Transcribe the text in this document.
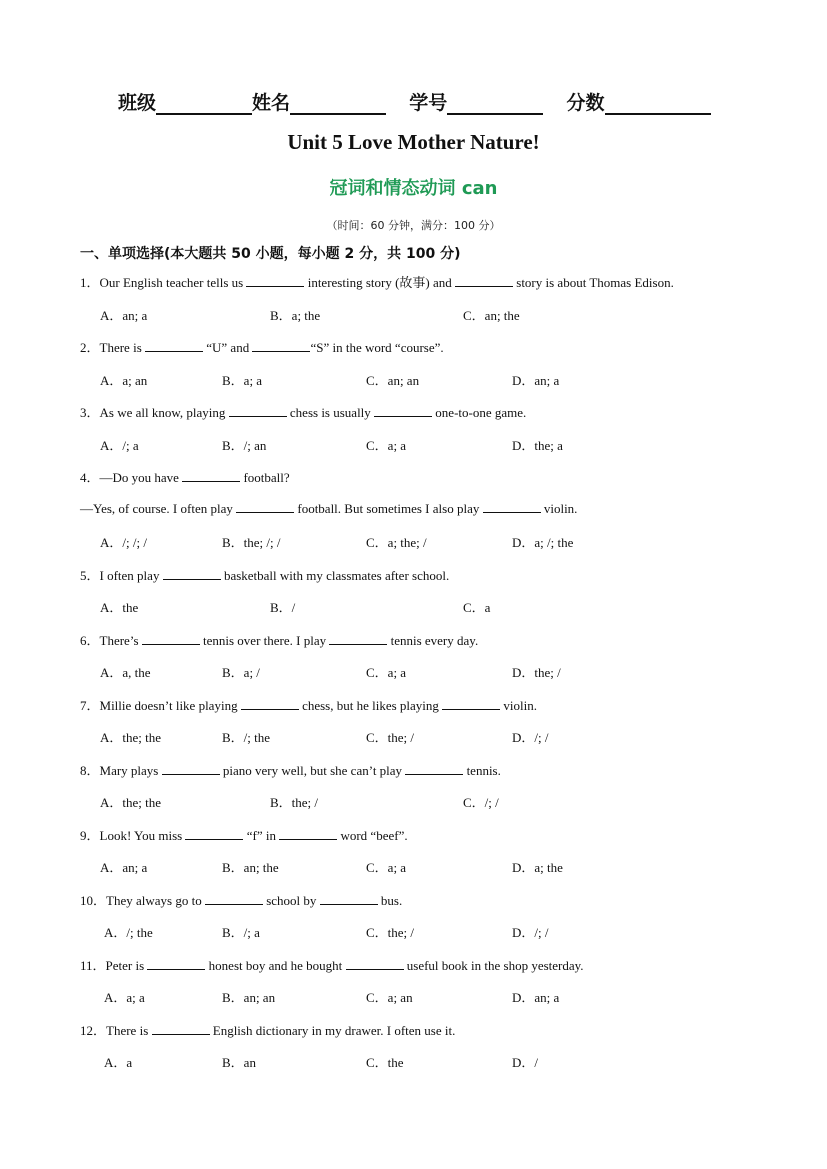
班级	姓名	学号	分数
Unit 5 Love Mother Nature!
冠词和情态动词 can
（时间：60 分钟，满分：100 分）
一、单项选择(本大题共 50 小题，每小题 2 分，共 100 分)
1．Our English teacher tells us	interesting story (故事) and	story is about Thomas Edison.
A．an; a	B．a; the	C．an; the
2．There is	“U” and	“S” in the word “course”.
A．a; an	B．a; a	C．an; an	D．an; a
3．As we all know, playing	chess is usually	one-to-one game.
A．/; a	B．/; an	C．a; a	D．the; a
4．—Do you have	football?
—Yes, of course. I often play	football. But sometimes I also play	violin.
A．/; /; /	B．the; /; /	C．a; the; /	D．a; /; the
5．I often play	basketball with my classmates after school.
A．the	B．/	C．a
6．There’s	tennis over there. I play	tennis every day.
A．a, the	B．a; /	C．a; a	D．the; /
7．Millie doesn’t like playing	chess, but he likes playing	violin.
A．the; the	B．/; the	C．the; /	D．/; /
8．Mary plays	piano very well, but she can’t play	tennis.
A．the; the	B．the; /	C．/; /
9．Look! You miss	“f” in	word “beef”.
A．an; a	B．an; the	C．a; a	D．a; the
10．They always go to	school by	bus.
A．/; the	B．/; a	C．the; /	D．/; /
11．Peter is	honest boy and he bought	useful book in the shop yesterday.
A．a; a	B．an; an	C．a; an	D．an; a
12．There is	English dictionary in my drawer. I often use it.
A．a	B．an	C．the	D．/
